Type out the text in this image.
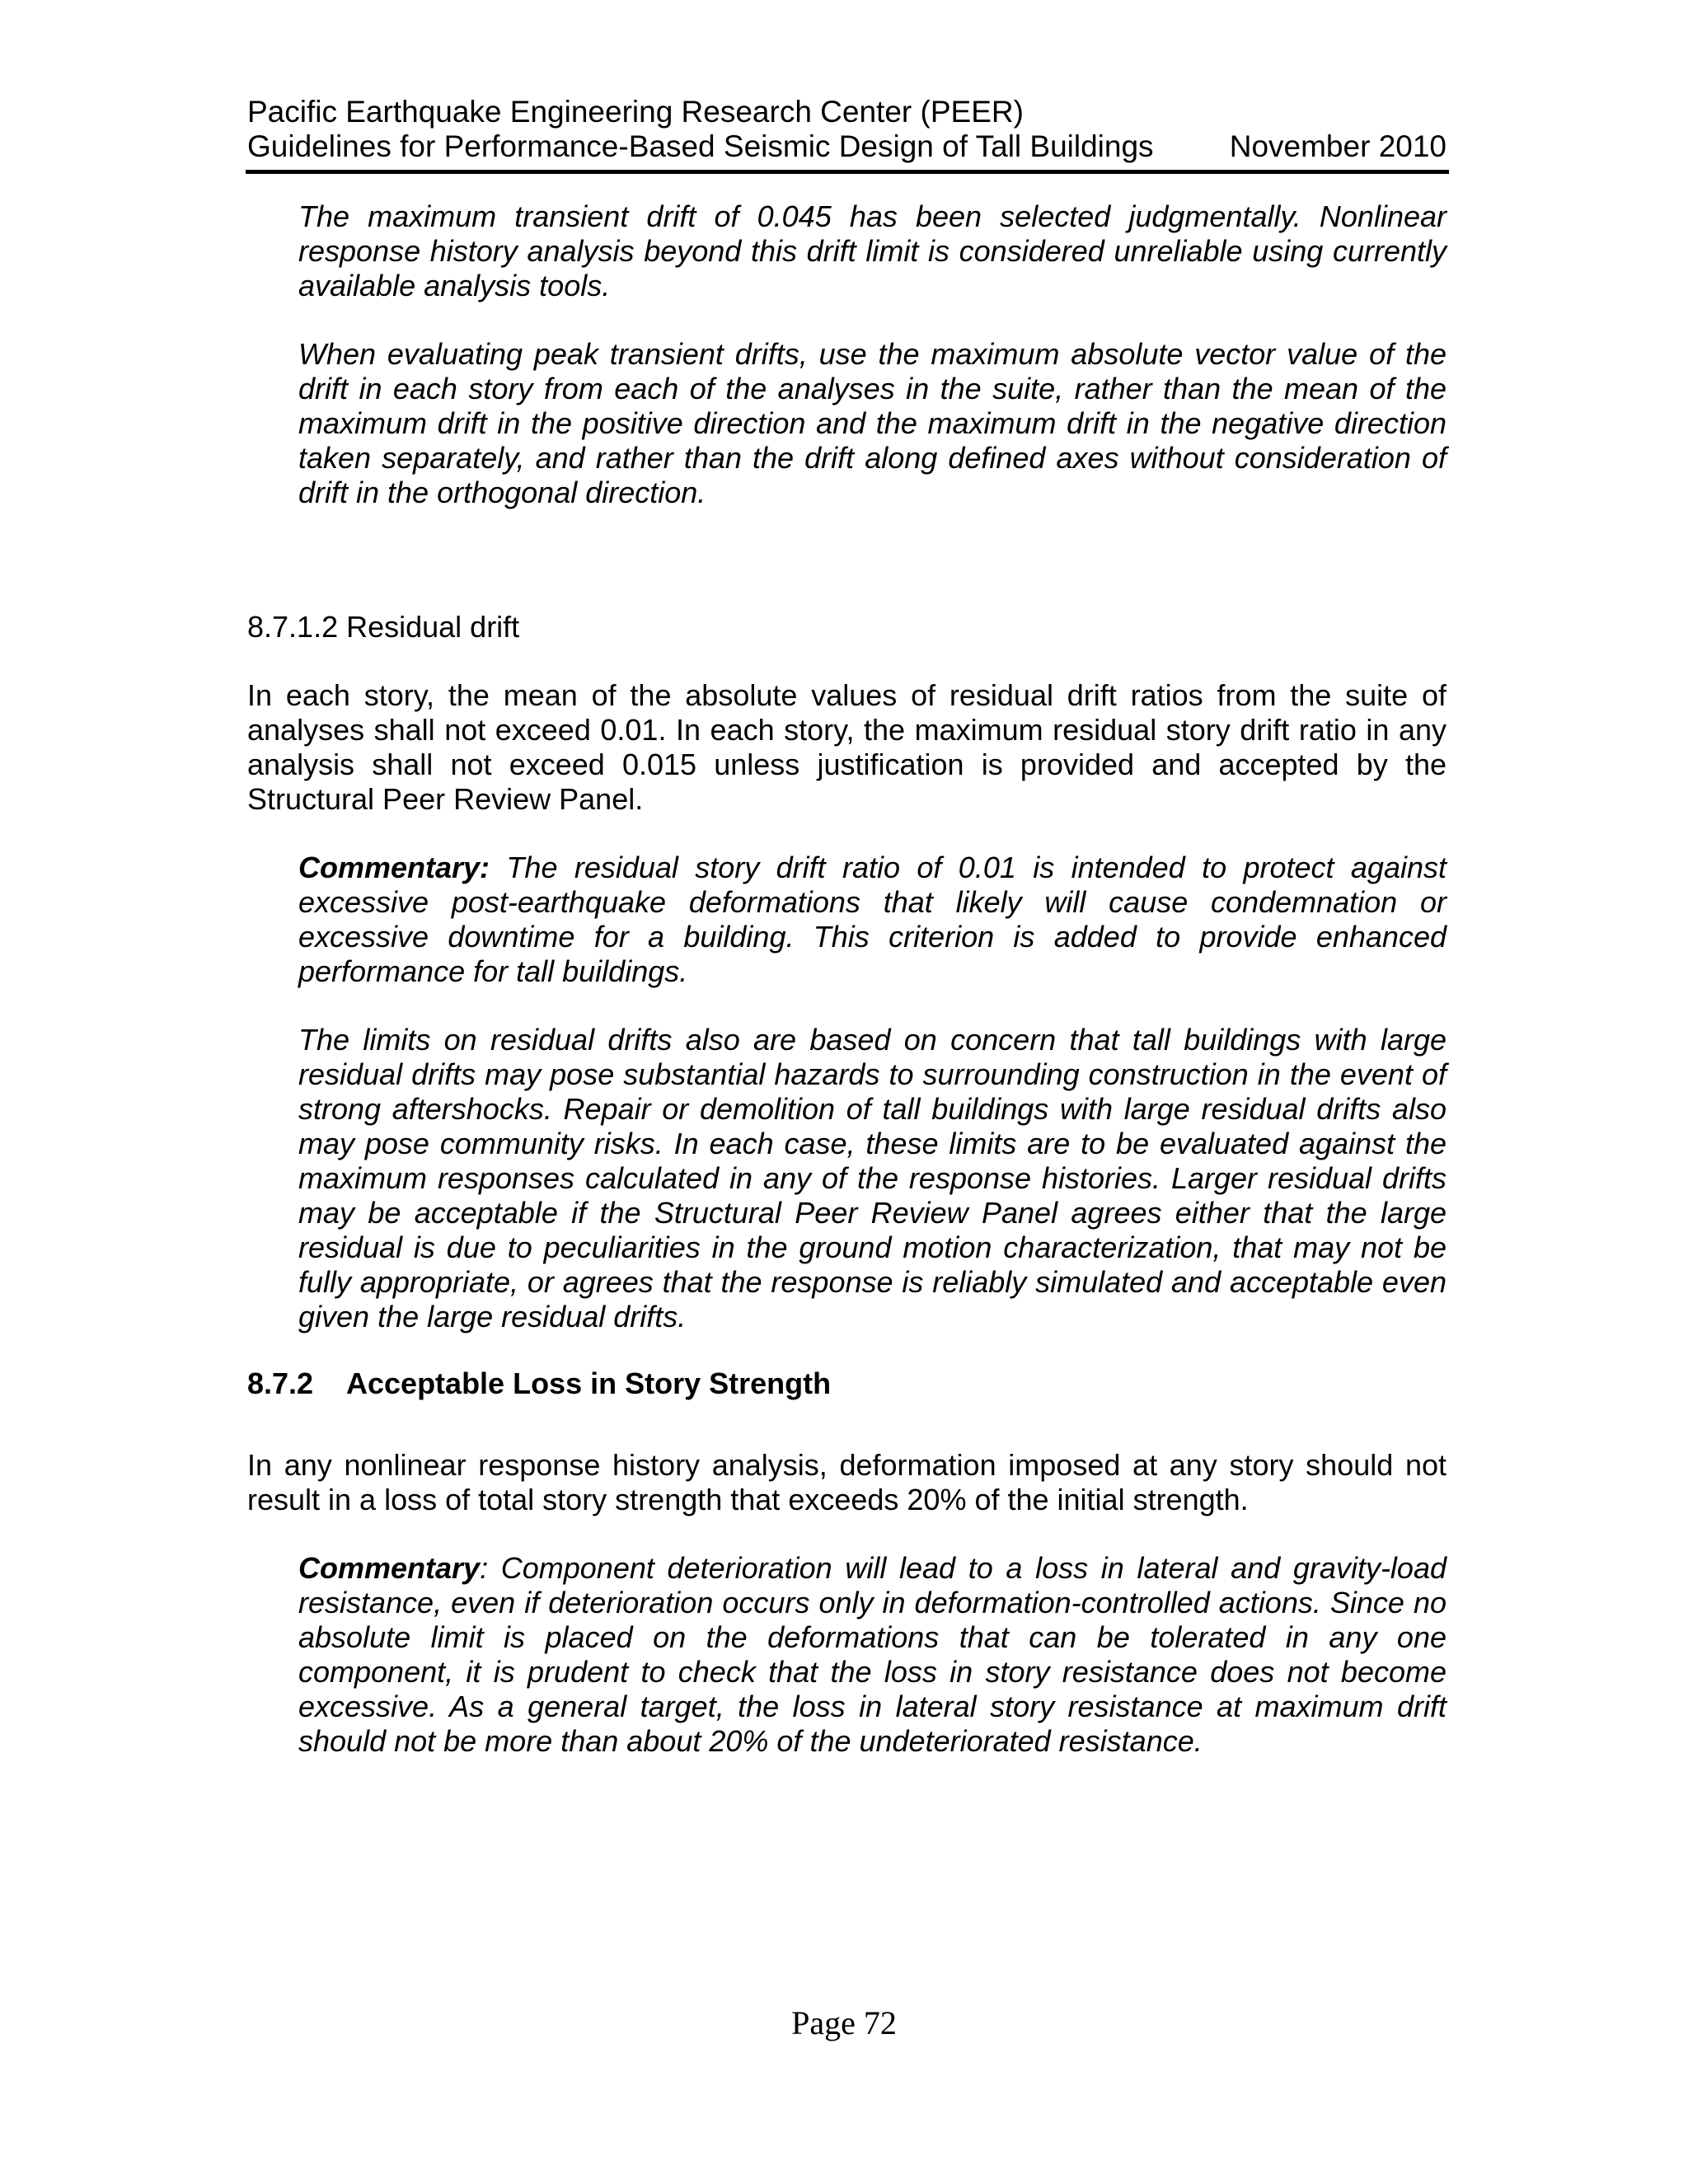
Pacific Earthquake Engineering Research Center (PEER)
Guidelines for Performance-Based Seismic Design of Tall Buildings November 2010

The maximum transient drift of 0.045 has been selected judgmentally. Nonlinear response history analysis beyond this drift limit is considered unreliable using currently available analysis tools.

When evaluating peak transient drifts, use the maximum absolute vector value of the drift in each story from each of the analyses in the suite, rather than the mean of the maximum drift in the positive direction and the maximum drift in the negative direction taken separately, and rather than the drift along defined axes without consideration of drift in the orthogonal direction.

8.7.1.2 Residual drift

In each story, the mean of the absolute values of residual drift ratios from the suite of analyses shall not exceed 0.01. In each story, the maximum residual story drift ratio in any analysis shall not exceed 0.015 unless justification is provided and accepted by the Structural Peer Review Panel.

Commentary: The residual story drift ratio of 0.01 is intended to protect against excessive post-earthquake deformations that likely will cause condemnation or excessive downtime for a building. This criterion is added to provide enhanced performance for tall buildings.

The limits on residual drifts also are based on concern that tall buildings with large residual drifts may pose substantial hazards to surrounding construction in the event of strong aftershocks. Repair or demolition of tall buildings with large residual drifts also may pose community risks. In each case, these limits are to be evaluated against the maximum responses calculated in any of the response histories. Larger residual drifts may be acceptable if the Structural Peer Review Panel agrees either that the large residual is due to peculiarities in the ground motion characterization, that may not be fully appropriate, or agrees that the response is reliably simulated and acceptable even given the large residual drifts.

8.7.2 Acceptable Loss in Story Strength

In any nonlinear response history analysis, deformation imposed at any story should not result in a loss of total story strength that exceeds 20% of the initial strength.

Commentary: Component deterioration will lead to a loss in lateral and gravity-load resistance, even if deterioration occurs only in deformation-controlled actions. Since no absolute limit is placed on the deformations that can be tolerated in any one component, it is prudent to check that the loss in story resistance does not become excessive. As a general target, the loss in lateral story resistance at maximum drift should not be more than about 20% of the undeteriorated resistance.

Page 72
